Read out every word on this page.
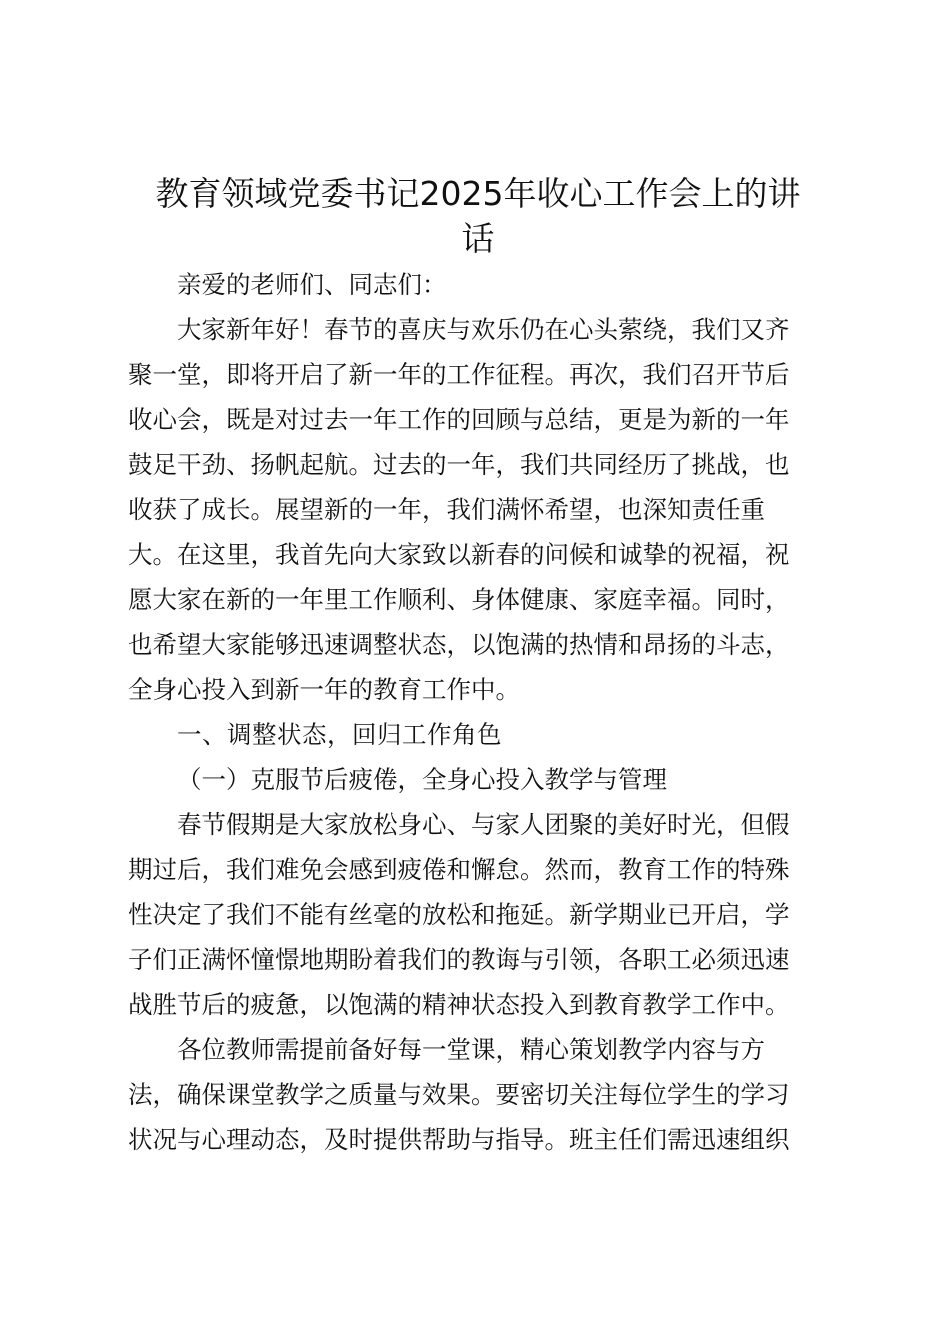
教育领域党委书记2025年收心工作会上的讲
话

亲爱的老师们、同志们：

大家新年好！春节的喜庆与欢乐仍在心头萦绕，我们又齐
聚一堂，即将开启了新一年的工作征程。再次，我们召开节后
收心会，既是对过去一年工作的回顾与总结，更是为新的一年
鼓足干劲、扬帆起航。过去的一年，我们共同经历了挑战，也
收获了成长。展望新的一年，我们满怀希望，也深知责任重
大。在这里，我首先向大家致以新春的问候和诚挚的祝福，祝
愿大家在新的一年里工作顺利、身体健康、家庭幸福。同时，
也希望大家能够迅速调整状态，以饱满的热情和昂扬的斗志，
全身心投入到新一年的教育工作中。

一、调整状态，回归工作角色

（一）克服节后疲倦，全身心投入教学与管理

春节假期是大家放松身心、与家人团聚的美好时光，但假
期过后，我们难免会感到疲倦和懈怠。然而，教育工作的特殊
性决定了我们不能有丝毫的放松和拖延。新学期业已开启，学
子们正满怀憧憬地期盼着我们的教诲与引领，各职工必须迅速
战胜节后的疲惫，以饱满的精神状态投入到教育教学工作中。

各位教师需提前备好每一堂课，精心策划教学内容与方
法，确保课堂教学之质量与效果。要密切关注每位学生的学习
状况与心理动态，及时提供帮助与指导。班主任们需迅速组织
